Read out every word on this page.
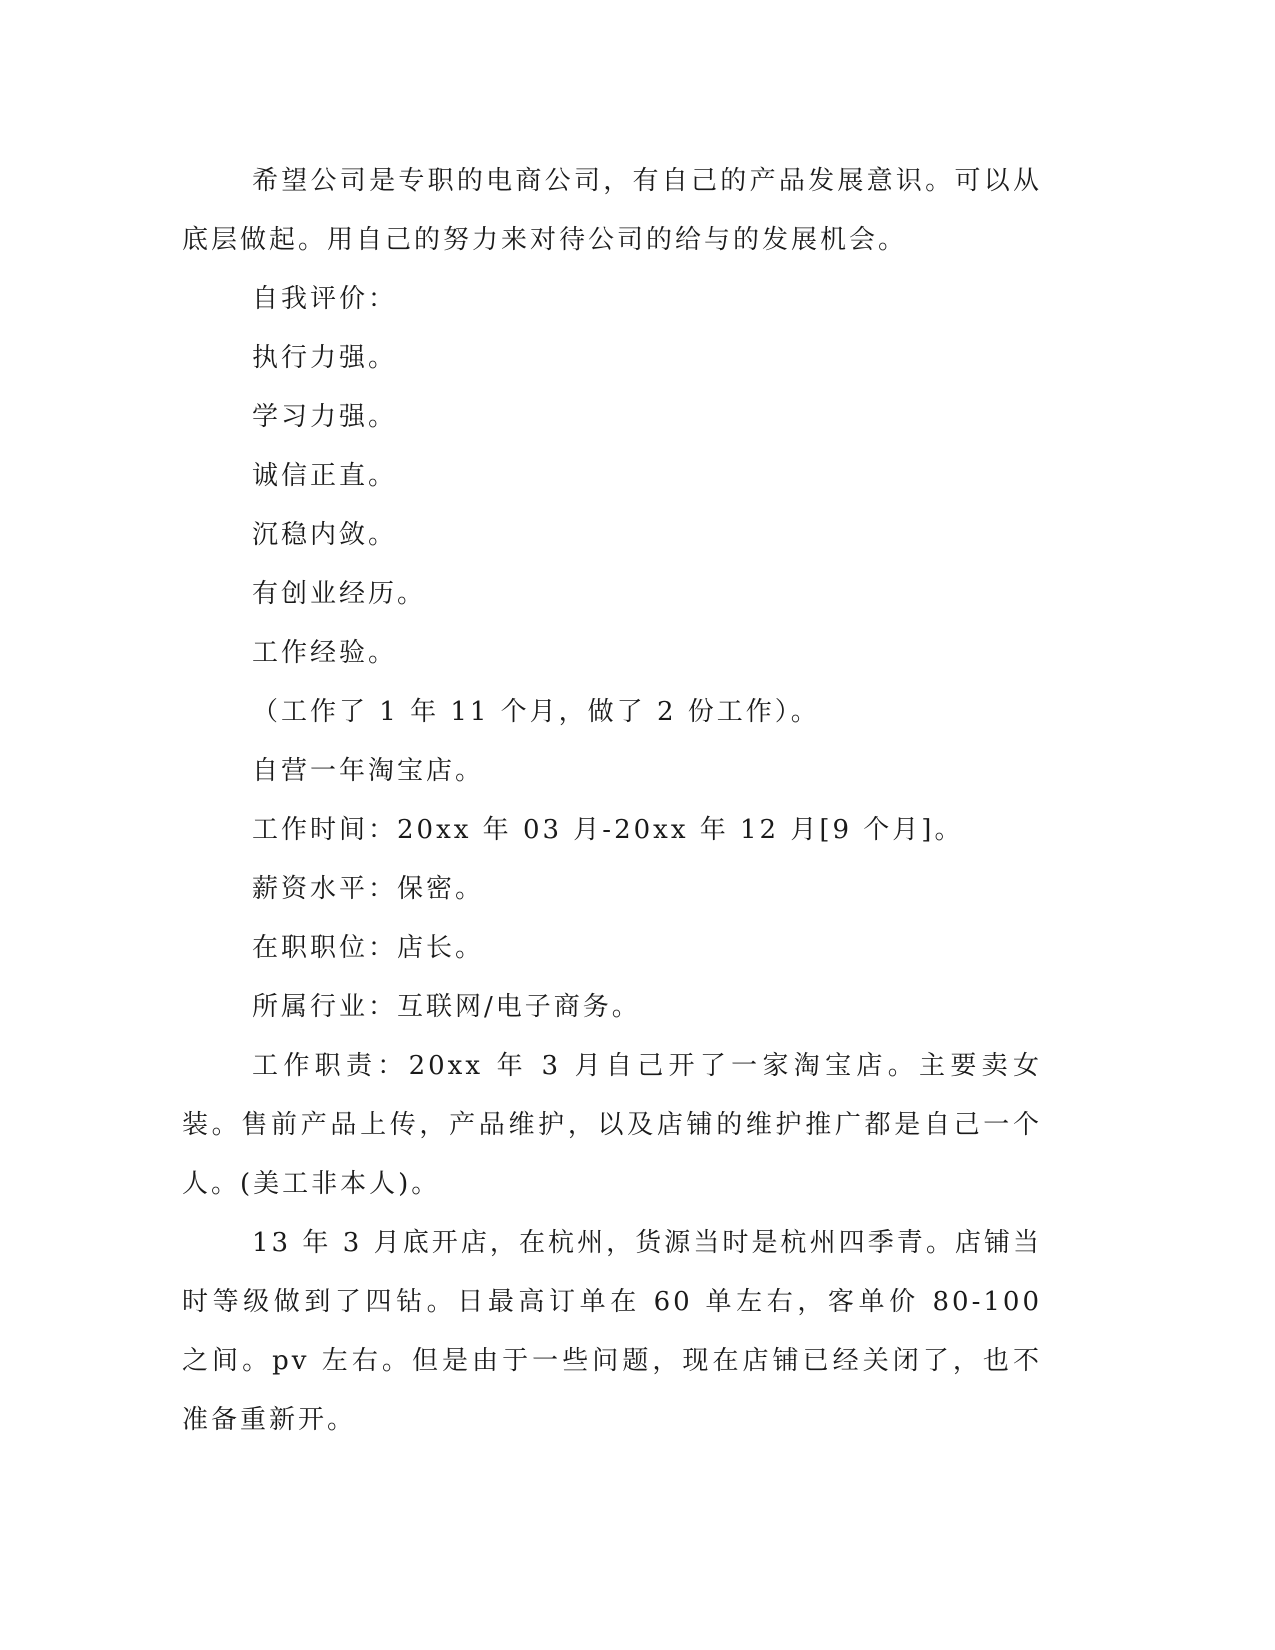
希望公司是专职的电商公司，有自己的产品发展意识。可以从底层做起。用自己的努力来对待公司的给与的发展机会。

自我评价：

执行力强。

学习力强。

诚信正直。

沉稳内敛。

有创业经历。

工作经验。

（工作了 1 年 11 个月，做了 2 份工作）。

自营一年淘宝店。

工作时间：20xx 年 03 月-20xx 年 12 月[9 个月]。

薪资水平：保密。

在职职位：店长。

所属行业：互联网/电子商务。

工作职责：20xx 年 3 月自己开了一家淘宝店。主要卖女装。售前产品上传，产品维护，以及店铺的维护推广都是自己一个人。(美工非本人)。

13 年 3 月底开店，在杭州，货源当时是杭州四季青。店铺当时等级做到了四钻。日最高订单在 60 单左右，客单价 80-100 之间。pv 左右。但是由于一些问题，现在店铺已经关闭了，也不准备重新开。
